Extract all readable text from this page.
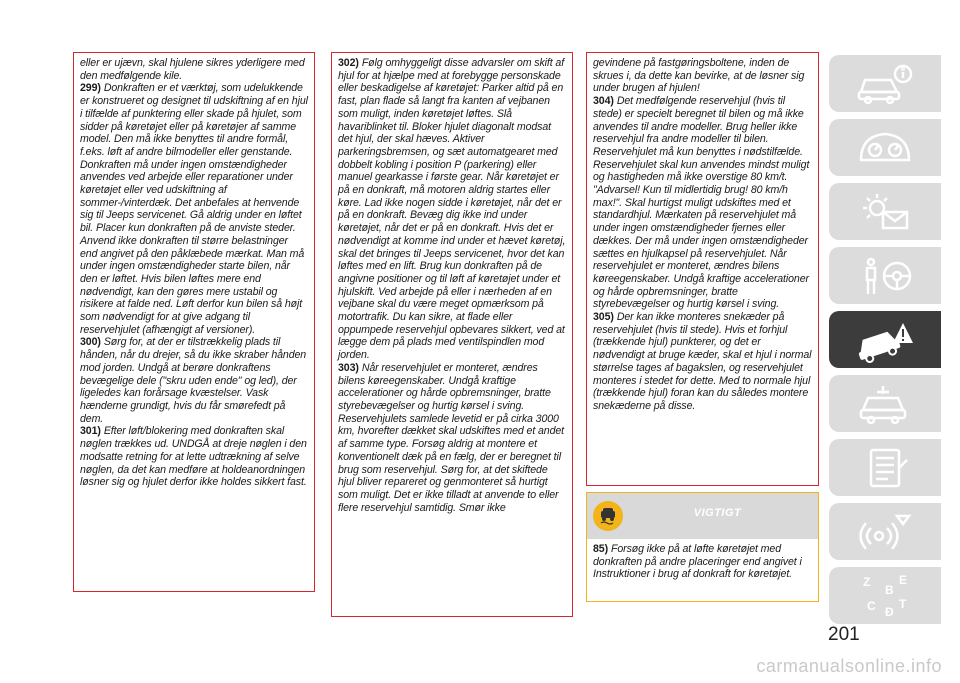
eller er ujævn, skal hjulene sikres yderligere med den medfølgende kile.

299) Donkraften er et værktøj, som udelukkende er konstrueret og designet til udskiftning af en hjul i tilfælde af punktering eller skade på hjulet, som sidder på køretøjet eller på køretøjer af samme model. Den må ikke benyttes til andre formål, f.eks. løft af andre bilmodeller eller genstande. Donkraften må under ingen omstændigheder anvendes ved arbejde eller reparationer under køretøjet eller ved udskiftning af sommer-/vinterdæk. Det anbefales at henvende sig til Jeeps servicenet. Gå aldrig under en løftet bil. Placer kun donkraften på de anviste steder. Anvend ikke donkraften til større belastninger end angivet på den påklæbede mærkat. Man må under ingen omstændigheder starte bilen, når den er løftet. Hvis bilen løftes mere end nødvendigt, kan den gøres mere ustabil og risikere at falde ned. Løft derfor kun bilen så højt som nødvendigt for at give adgang til reservehjulet (afhængigt af versioner).

300) Sørg for, at der er tilstrækkelig plads til hånden, når du drejer, så du ikke skraber hånden mod jorden. Undgå at berøre donkraftens bevægelige dele ("skru uden ende" og led), der ligeledes kan forårsage kvæstelser. Vask hænderne grundigt, hvis du får smørefedt på dem.

301) Efter løft/blokering med donkraften skal nøglen trækkes ud. UNDGÅ at dreje nøglen i den modsatte retning for at lette udtrækning af selve nøglen, da det kan medføre at holdeanordningen løsner sig og hjulet derfor ikke holdes sikkert fast.

302) Følg omhyggeligt disse advarsler om skift af hjul for at hjælpe med at forebygge personskade eller beskadigelse af køretøjet: Parker altid på en fast, plan flade så langt fra kanten af vejbanen som muligt, inden køretøjet løftes. Slå havariblinket til. Bloker hjulet diagonalt modsat det hjul, der skal hæves. Aktiver parkeringsbremsen, og sæt automatgearet med dobbelt kobling i position P (parkering) eller manuel gearkasse i første gear. Når køretøjet er på en donkraft, må motoren aldrig startes eller køre. Lad ikke nogen sidde i køretøjet, når det er på en donkraft. Bevæg dig ikke ind under køretøjet, når det er på en donkraft. Hvis det er nødvendigt at komme ind under et hævet køretøj, skal det bringes til Jeeps servicenet, hvor det kan løftes med en lift. Brug kun donkraften på de angivne positioner og til løft af køretøjet under et hjulskift. Ved arbejde på eller i nærheden af en vejbane skal du være meget opmærksom på motortrafik. Du kan sikre, at flade eller oppumpede reservehjul opbevares sikkert, ved at lægge dem på plads med ventilspindlen mod jorden.

303) Når reservehjulet er monteret, ændres bilens køreegenskaber. Undgå kraftige accelerationer og hårde opbremsninger, bratte styrebevægelser og hurtig kørsel i sving. Reservehjulets samlede levetid er på cirka 3000 km, hvorefter dækket skal udskiftes med et andet af samme type. Forsøg aldrig at montere et konventionelt dæk på en fælg, der er beregnet til brug som reservehjul. Sørg for, at det skiftede hjul bliver repareret og genmonteret så hurtigt som muligt. Det er ikke tilladt at anvende to eller flere reservehjul samtidig. Smør ikke

gevindene på fastgøringsboltene, inden de skrues i, da dette kan bevirke, at de løsner sig under brugen af hjulen!

304) Det medfølgende reservehjul (hvis til stede) er specielt beregnet til bilen og må ikke anvendes til andre modeller. Brug heller ikke reservehjul fra andre modeller til bilen. Reservehjulet må kun benyttes i nødstilfælde. Reservehjulet skal kun anvendes mindst muligt og hastigheden må ikke overstige 80 km/t. "Advarsel! Kun til midlertidig brug! 80 km/h max!". Skal hurtigst muligt udskiftes med et standardhjul. Mærkaten på reservehjulet må under ingen omstændigheder fjernes eller dækkes. Der må under ingen omstændigheder sættes en hjulkapsel på reservehjulet. Når reservehjulet er monteret, ændres bilens køreegenskaber. Undgå kraftige accelerationer og hårde opbremsninger, bratte styrebevægelser og hurtig kørsel i sving.

305) Der kan ikke monteres snekæder på reservehjulet (hvis til stede). Hvis et forhjul (trækkende hjul) punkterer, og det er nødvendigt at bruge kæder, skal et hjul i normal størrelse tages af bagakslen, og reservehjulet monteres i stedet for dette. Med to normale hjul (trækkende hjul) foran kan du således montere snekæderne på disse.

VIGTIGT

85) Forsøg ikke på at løfte køretøjet med donkraften på andre placeringer end angivet i Instruktioner i brug af donkraft for køretøjet.

Z
B
E
C Ð
T
201
carmanualsonline.info
